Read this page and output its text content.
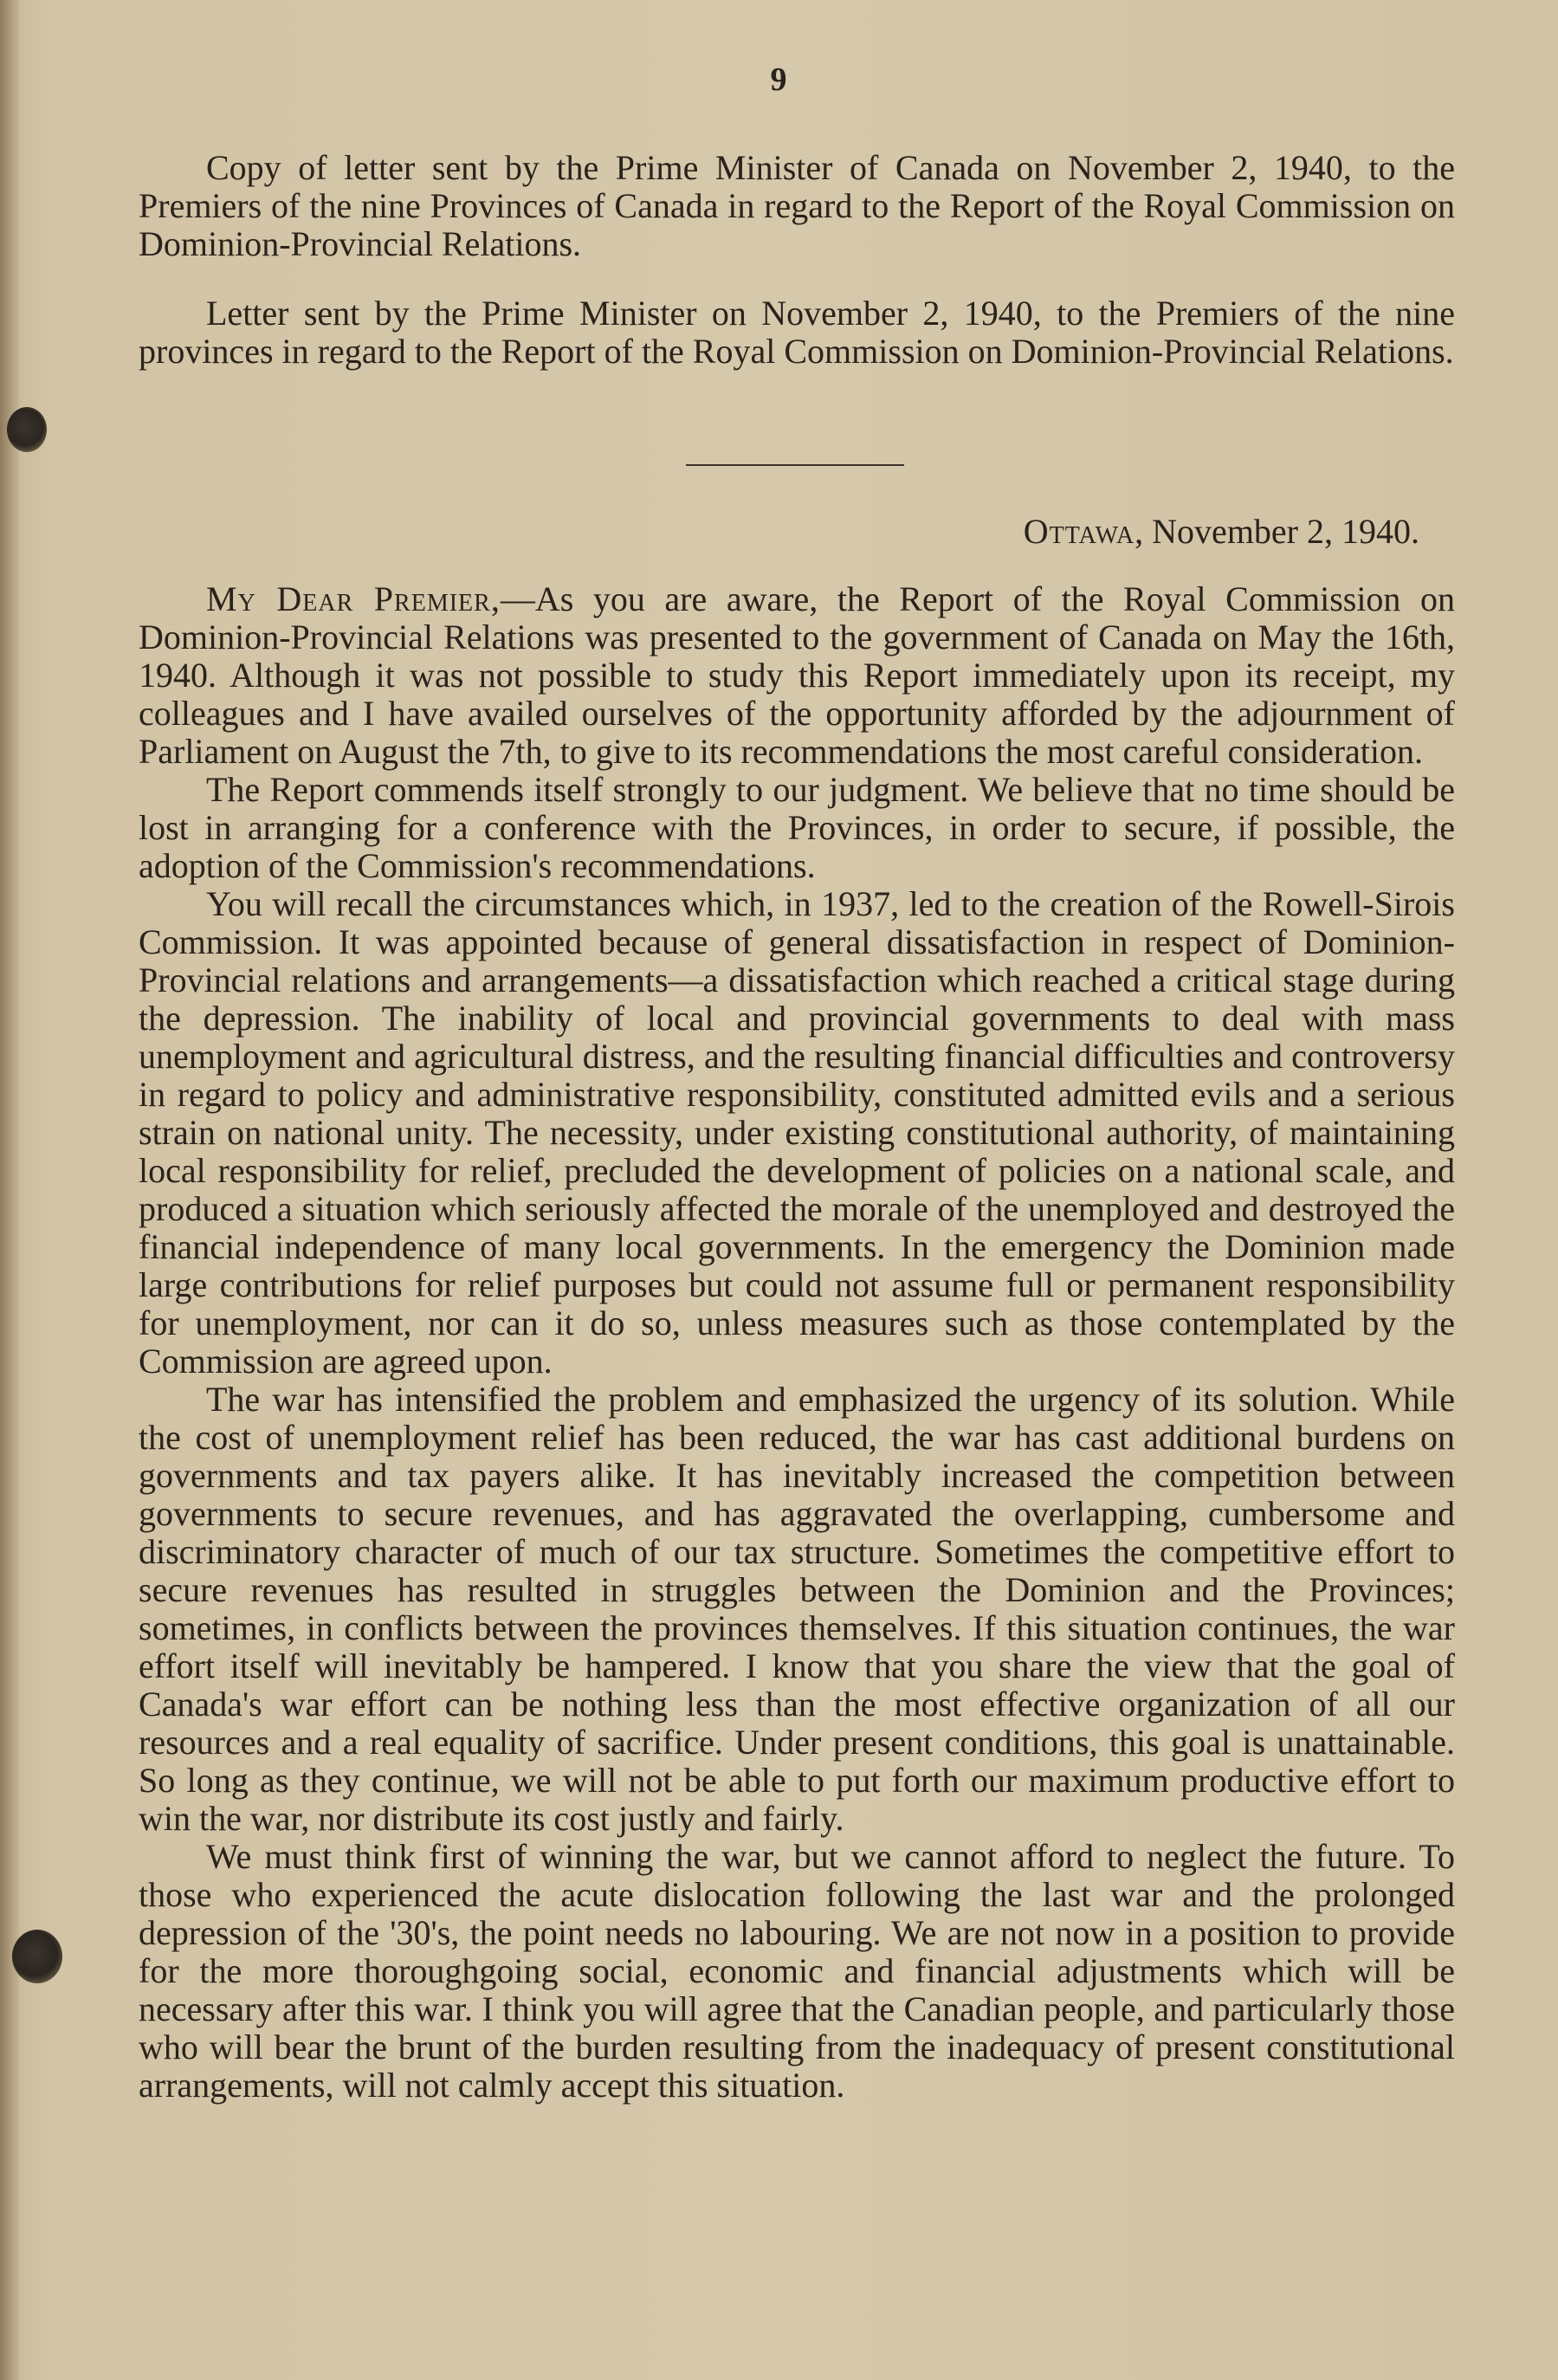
9

Copy of letter sent by the Prime Minister of Canada on November 2, 1940, to the Premiers of the nine Provinces of Canada in regard to the Report of the Royal Commission on Dominion-Provincial Relations.

Letter sent by the Prime Minister on November 2, 1940, to the Premiers of the nine provinces in regard to the Report of the Royal Commission on Dominion-Provincial Relations.

Ottawa, November 2, 1940.

My Dear Premier,—As you are aware, the Report of the Royal Commission on Dominion-Provincial Relations was presented to the government of Canada on May the 16th, 1940. Although it was not possible to study this Report immediately upon its receipt, my colleagues and I have availed ourselves of the opportunity afforded by the adjournment of Parliament on August the 7th, to give to its recommendations the most careful consideration.

The Report commends itself strongly to our judgment. We believe that no time should be lost in arranging for a conference with the Provinces, in order to secure, if possible, the adoption of the Commission's recommendations.

You will recall the circumstances which, in 1937, led to the creation of the Rowell-Sirois Commission. It was appointed because of general dissatisfaction in respect of Dominion-Provincial relations and arrangements—a dissatisfaction which reached a critical stage during the depression. The inability of local and provincial governments to deal with mass unemployment and agricultural distress, and the resulting financial difficulties and controversy in regard to policy and administrative responsibility, constituted admitted evils and a serious strain on national unity. The necessity, under existing constitutional authority, of maintaining local responsibility for relief, precluded the development of policies on a national scale, and produced a situation which seriously affected the morale of the unemployed and destroyed the financial independence of many local governments. In the emergency the Dominion made large contributions for relief purposes but could not assume full or permanent responsibility for unemployment, nor can it do so, unless measures such as those contemplated by the Commission are agreed upon.

The war has intensified the problem and emphasized the urgency of its solution. While the cost of unemployment relief has been reduced, the war has cast additional burdens on governments and tax payers alike. It has inevitably increased the competition between governments to secure revenues, and has aggravated the overlapping, cumbersome and discriminatory character of much of our tax structure. Sometimes the competitive effort to secure revenues has resulted in struggles between the Dominion and the Provinces; sometimes, in conflicts between the provinces themselves. If this situation continues, the war effort itself will inevitably be hampered. I know that you share the view that the goal of Canada's war effort can be nothing less than the most effective organization of all our resources and a real equality of sacrifice. Under present conditions, this goal is unattainable. So long as they continue, we will not be able to put forth our maximum productive effort to win the war, nor distribute its cost justly and fairly.

We must think first of winning the war, but we cannot afford to neglect the future. To those who experienced the acute dislocation following the last war and the prolonged depression of the '30's, the point needs no labouring. We are not now in a position to provide for the more thoroughgoing social, economic and financial adjustments which will be necessary after this war. I think you will agree that the Canadian people, and particularly those who will bear the brunt of the burden resulting from the inadequacy of present constitutional arrangements, will not calmly accept this situation.
